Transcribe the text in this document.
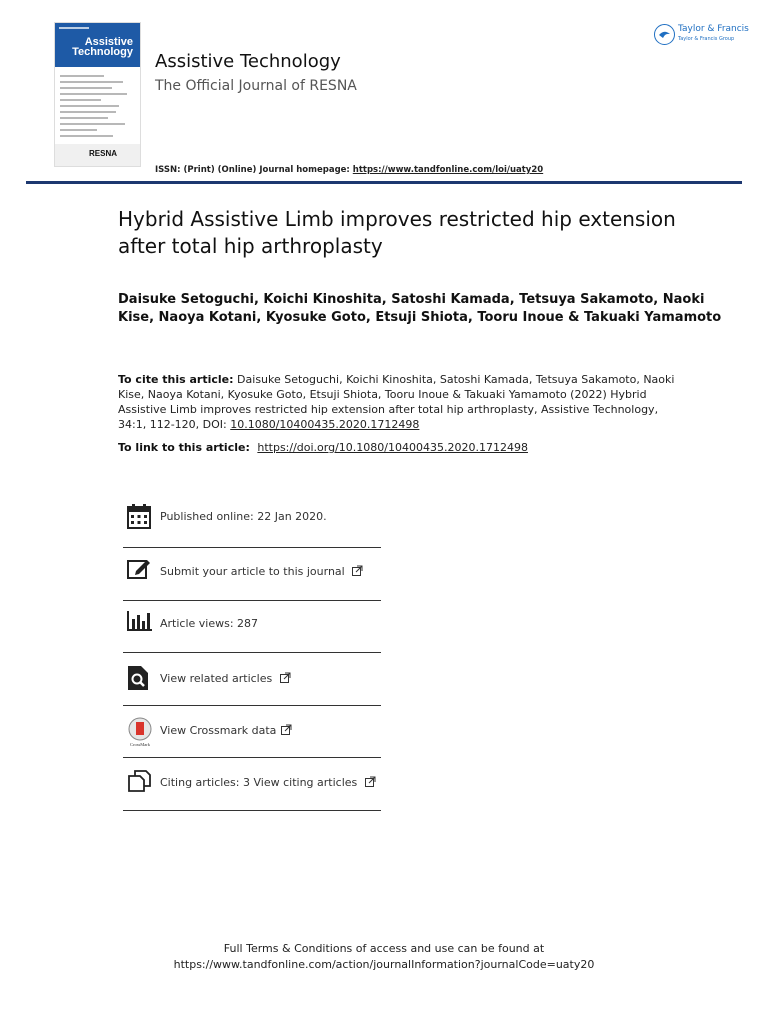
Assistive
Technology
RESNA
Assistive Technology
The Official Journal of RESNA
Taylor & Francis
Taylor & Francis Group
ISSN: (Print) (Online) Journal homepage: https://www.tandfonline.com/loi/uaty20
Hybrid Assistive Limb improves restricted hip extension after total hip arthroplasty
Daisuke Setoguchi, Koichi Kinoshita, Satoshi Kamada, Tetsuya Sakamoto, Naoki Kise, Naoya Kotani, Kyosuke Goto, Etsuji Shiota, Tooru Inoue & Takuaki Yamamoto
To cite this article: Daisuke Setoguchi, Koichi Kinoshita, Satoshi Kamada, Tetsuya Sakamoto, Naoki Kise, Naoya Kotani, Kyosuke Goto, Etsuji Shiota, Tooru Inoue & Takuaki Yamamoto (2022) Hybrid Assistive Limb improves restricted hip extension after total hip arthroplasty, Assistive Technology, 34:1, 112-120, DOI: 10.1080/10400435.2020.1712498
To link to this article: https://doi.org/10.1080/10400435.2020.1712498
Published online: 22 Jan 2020.
Submit your article to this journal
Article views: 287
View related articles
CrossMark
View Crossmark data
Citing articles: 3 View citing articles
Full Terms & Conditions of access and use can be found at
https://www.tandfonline.com/action/journalInformation?journalCode=uaty20
